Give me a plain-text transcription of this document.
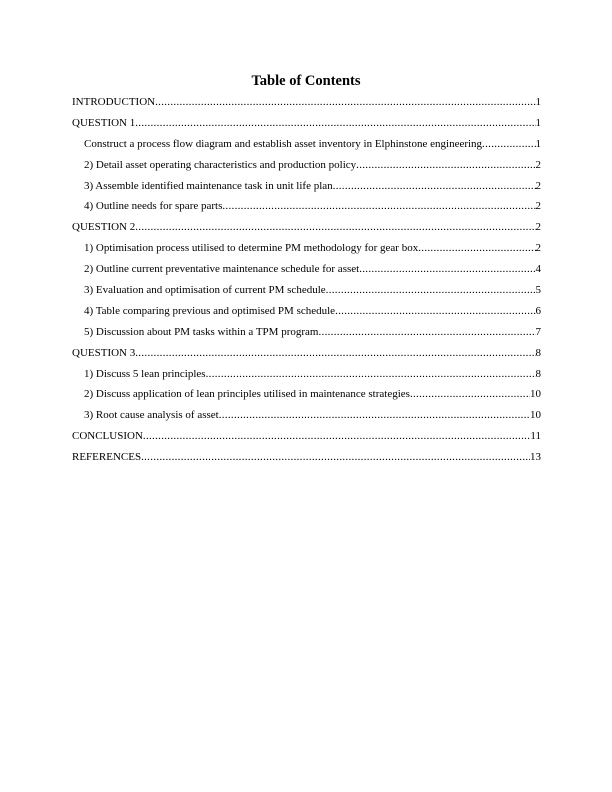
Table of Contents
INTRODUCTION .....	1
QUESTION 1 .....	1
Construct a process flow diagram and establish asset inventory in Elphinstone engineering .....	1
2) Detail asset operating characteristics and production policy .....	2
3) Assemble identified maintenance task in unit life plan .....	2
4) Outline needs for spare parts .....	2
QUESTION 2 .....	2
1) Optimisation process utilised to determine PM methodology for gear box .....	2
2) Outline current preventative maintenance schedule for asset .....	4
3) Evaluation and optimisation of current PM schedule .....	5
4) Table comparing previous and optimised PM schedule .....	6
5) Discussion about PM tasks within a TPM program .....	7
QUESTION 3 .....	8
1) Discuss 5 lean principles .....	8
2) Discuss application of lean principles utilised in maintenance strategies .....	10
3) Root cause analysis of asset .....	10
CONCLUSION .....	11
REFERENCES .....	13
